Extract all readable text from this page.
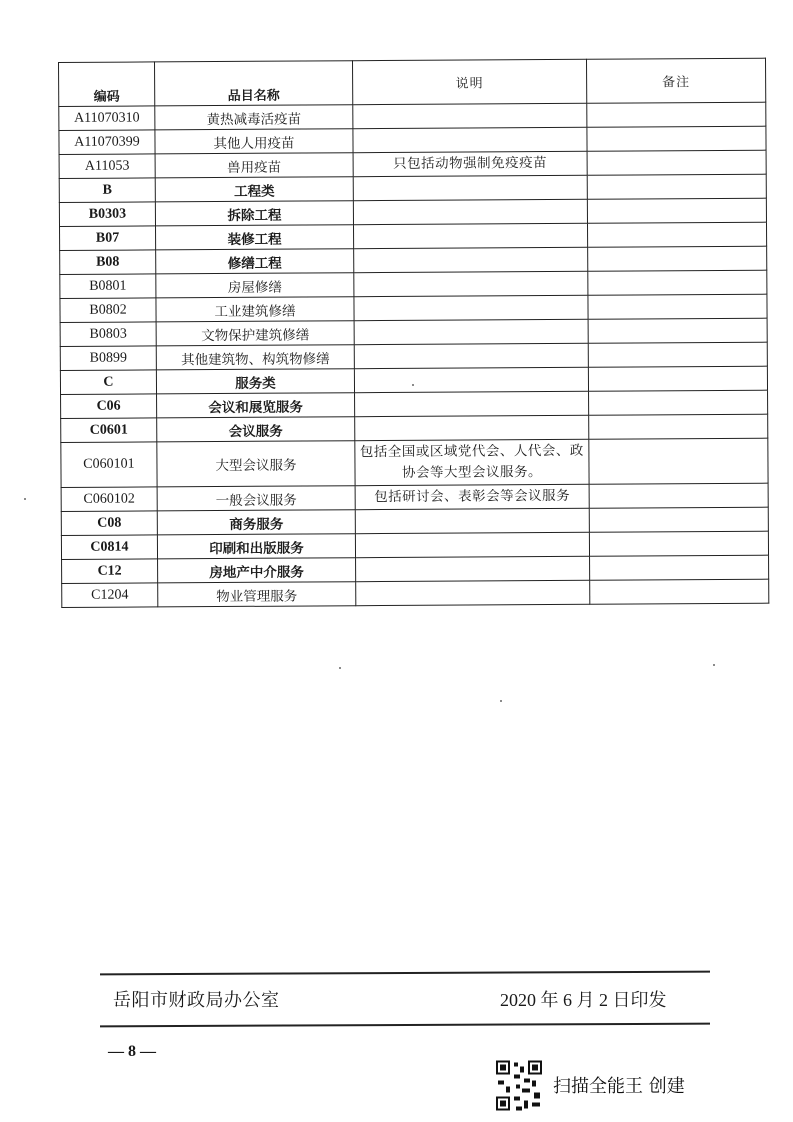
编码	品目名称	说明	备注
A11070310	黄热减毒活疫苗		
A11070399	其他人用疫苗		
A11053	兽用疫苗	只包括动物强制免疫疫苗	
B	工程类		
B0303	拆除工程		
B07	装修工程		
B08	修缮工程		
B0801	房屋修缮		
B0802	工业建筑修缮		
B0803	文物保护建筑修缮		
B0899	其他建筑物、构筑物修缮		
C	服务类		
C06	会议和展览服务		
C0601	会议服务		
C060101	大型会议服务	包括全国或区域党代会、人代会、政协会等大型会议服务。	
C060102	一般会议服务	包括研讨会、表彰会等会议服务	
C08	商务服务		
C0814	印刷和出版服务		
C12	房地产中介服务		
C1204	物业管理服务		
岳阳市财政局办公室	2020 年 6 月 2 日印发
— 8 —
扫描全能王 创建
